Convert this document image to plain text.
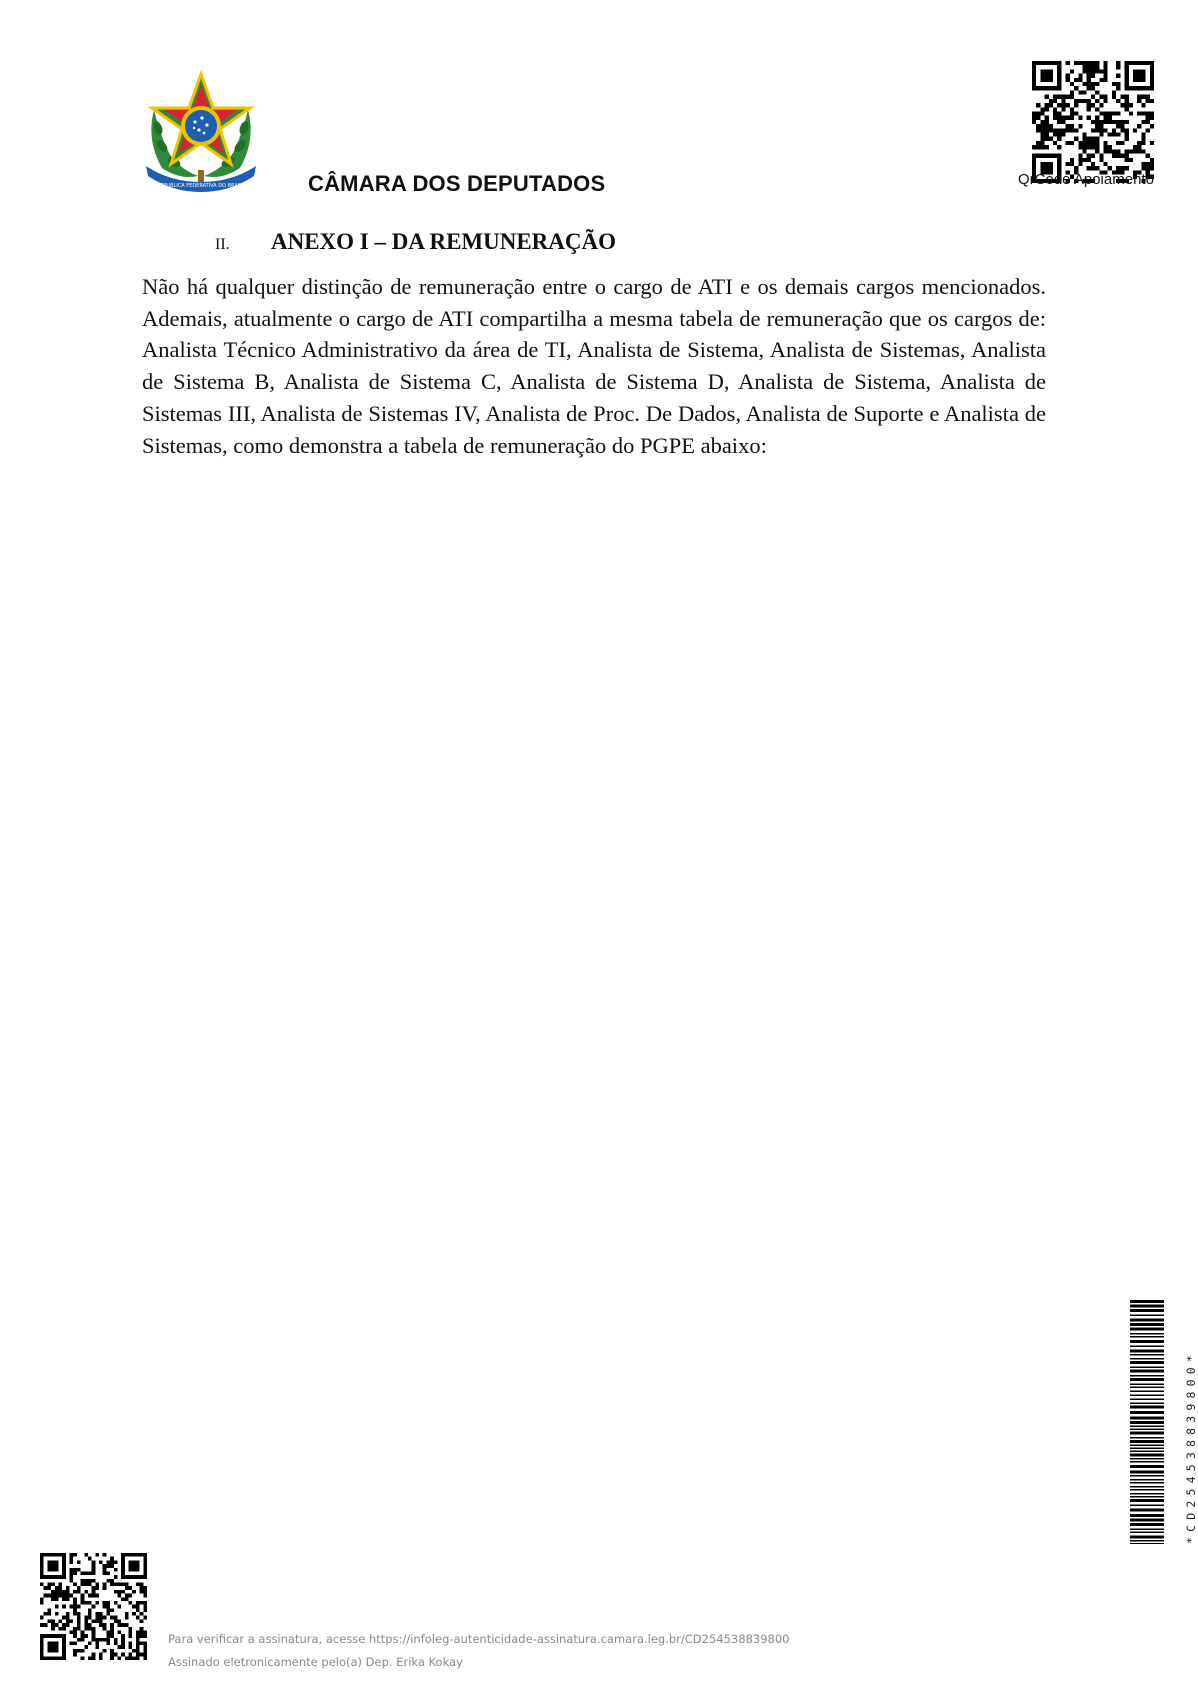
REPUBLICA FEDERATIVA DO BRASIL	CÂMARA DOS DEPUTADOS	QrCode Apoiamento
II. ANEXO I – DA REMUNERAÇÃO

Não há qualquer distinção de remuneração entre o cargo de ATI e os demais cargos mencionados. Ademais, atualmente o cargo de ATI compartilha a mesma tabela de remuneração que os cargos de: Analista Técnico Administrativo da área de TI, Analista de Sistema, Analista de Sistemas, Analista de Sistema B, Analista de Sistema C, Analista de Sistema D, Analista de Sistema, Analista de Sistemas III, Analista de Sistemas IV, Analista de Proc. De Dados, Analista de Suporte e Analista de Sistemas, como demonstra a tabela de remuneração do PGPE abaixo:

*CD254538839800*
Para verificar a assinatura, acesse https://infoleg-autenticidade-assinatura.camara.leg.br/CD254538839800
Assinado eletronicamente pelo(a) Dep. Erika Kokay
